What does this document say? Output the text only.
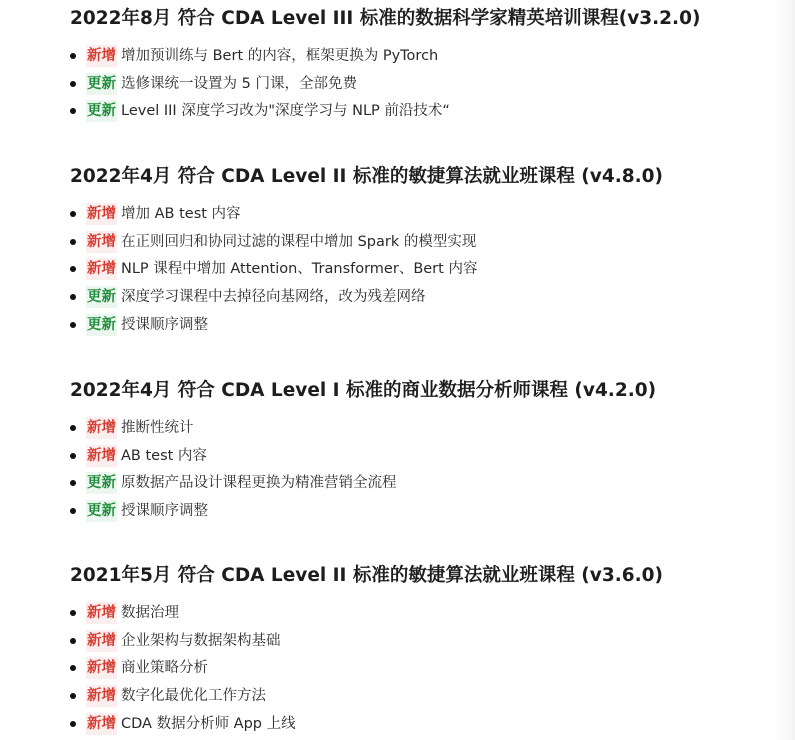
2022年8月 符合 CDA Level III 标准的数据科学家精英培训课程(v3.2.0)
新增 增加预训练与 Bert 的内容，框架更换为 PyTorch
更新 选修课统一设置为 5 门课，全部免费
更新 Level III 深度学习改为"深度学习与 NLP 前沿技术“
2022年4月 符合 CDA Level II 标准的敏捷算法就业班课程 (v4.8.0)
新增 增加 AB test 内容
新增 在正则回归和协同过滤的课程中增加 Spark 的模型实现
新增 NLP 课程中增加 Attention、Transformer、Bert 内容
更新 深度学习课程中去掉径向基网络，改为残差网络
更新 授课顺序调整
2022年4月 符合 CDA Level I 标准的商业数据分析师课程 (v4.2.0)
新增 推断性统计
新增 AB test 内容
更新 原数据产品设计课程更换为精准营销全流程
更新 授课顺序调整
2021年5月 符合 CDA Level II 标准的敏捷算法就业班课程 (v3.6.0)
新增 数据治理
新增 企业架构与数据架构基础
新增 商业策略分析
新增 数字化最优化工作方法
新增 CDA 数据分析师 App 上线
